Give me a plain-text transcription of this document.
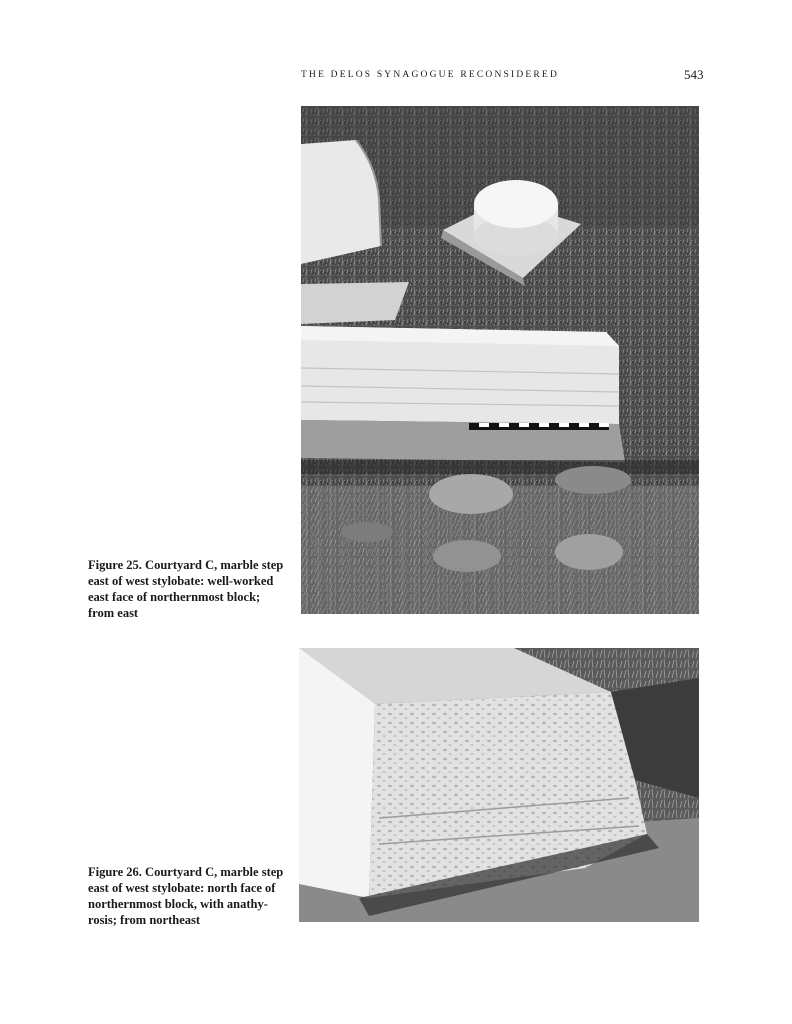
THE DELOS SYNAGOGUE RECONSIDERED	543
Figure 25. Courtyard C, marble step
east of west stylobate: well-worked
east face of northernmost block;
from east
Figure 26. Courtyard C, marble step
east of west stylobate: north face of
northernmost block, with anathy-
rosis; from northeast
